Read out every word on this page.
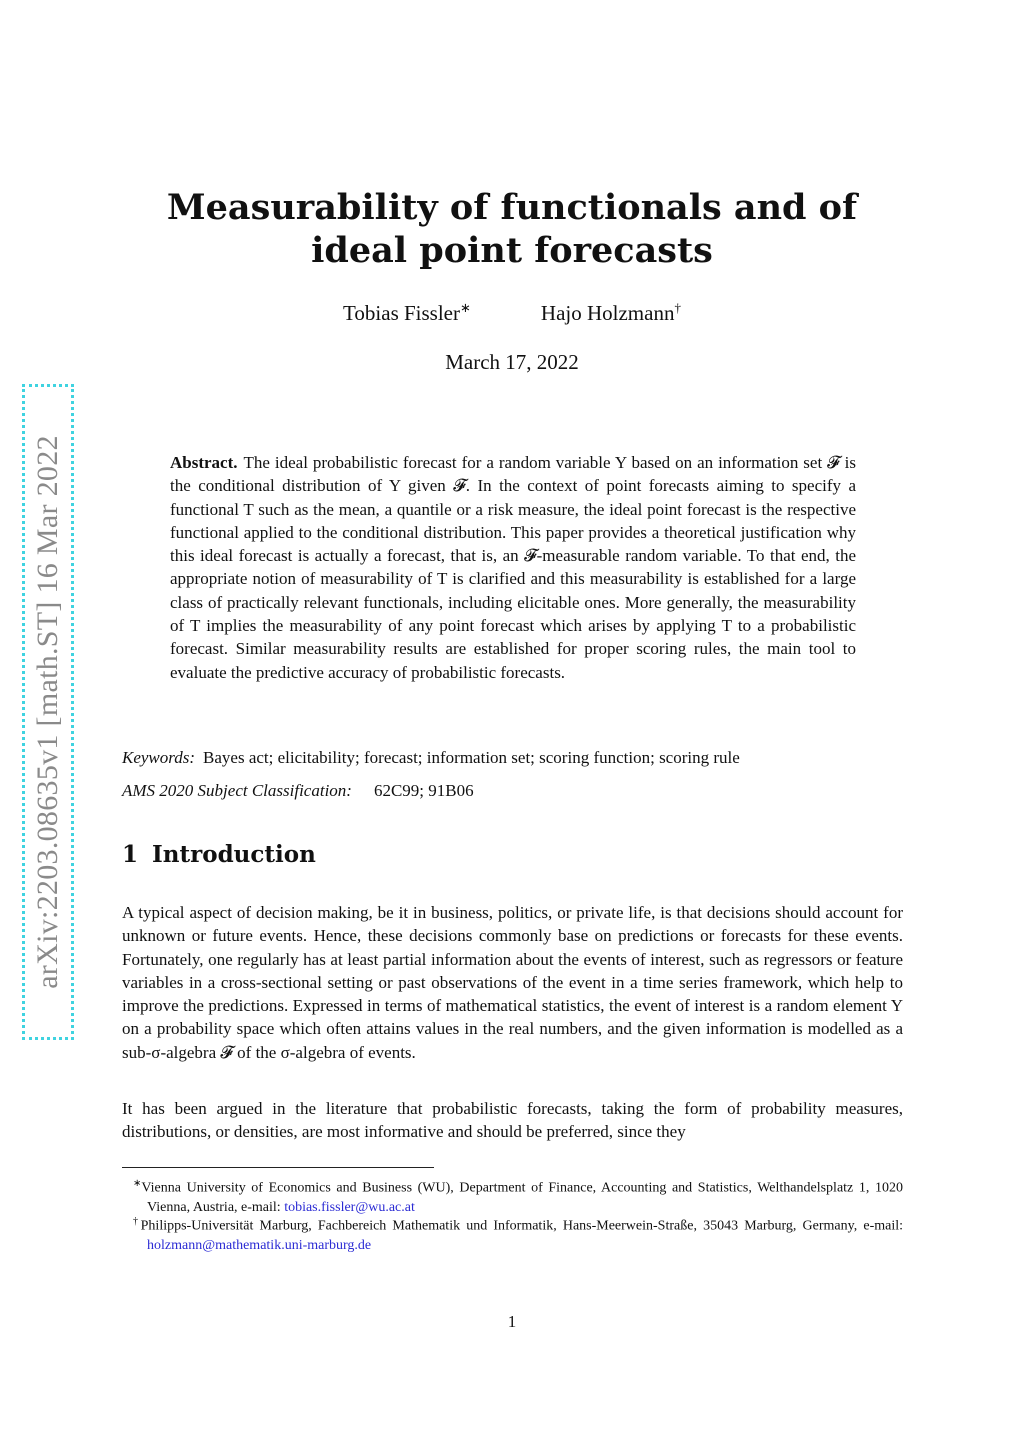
arXiv:2203.08635v1 [math.ST] 16 Mar 2022
Measurability of functionals and of ideal point forecasts
Tobias Fissler∗	Hajo Holzmann†
March 17, 2022

Abstract. The ideal probabilistic forecast for a random variable Y based on an information set 𝓕 is the conditional distribution of Y given 𝓕. In the context of point forecasts aiming to specify a functional T such as the mean, a quantile or a risk measure, the ideal point forecast is the respective functional applied to the conditional distribution. This paper provides a theoretical justification why this ideal forecast is actually a forecast, that is, an 𝓕-measurable random variable. To that end, the appropriate notion of measurability of T is clarified and this measurability is established for a large class of practically relevant functionals, including elicitable ones. More generally, the measurability of T implies the measurability of any point forecast which arises by applying T to a probabilistic forecast. Similar measurability results are established for proper scoring rules, the main tool to evaluate the predictive accuracy of probabilistic forecasts.

Keywords: Bayes act; elicitability; forecast; information set; scoring function; scoring rule
AMS 2020 Subject Classification: 62C99; 91B06
1 Introduction

A typical aspect of decision making, be it in business, politics, or private life, is that decisions should account for unknown or future events. Hence, these decisions commonly base on predictions or forecasts for these events. Fortunately, one regularly has at least partial information about the events of interest, such as regressors or feature variables in a cross-sectional setting or past observations of the event in a time series framework, which help to improve the predictions. Expressed in terms of mathematical statistics, the event of interest is a random element Y on a probability space which often attains values in the real numbers, and the given information is modelled as a sub-σ-algebra 𝓕 of the σ-algebra of events.

It has been argued in the literature that probabilistic forecasts, taking the form of probability measures, distributions, or densities, are most informative and should be preferred, since they

∗Vienna University of Economics and Business (WU), Department of Finance, Accounting and Statistics, Welthandelsplatz 1, 1020 Vienna, Austria, e-mail: tobias.fissler@wu.ac.at

†Philipps-Universität Marburg, Fachbereich Mathematik und Informatik, Hans-Meerwein-Straße, 35043 Marburg, Germany, e-mail: holzmann@mathematik.uni-marburg.de

1
